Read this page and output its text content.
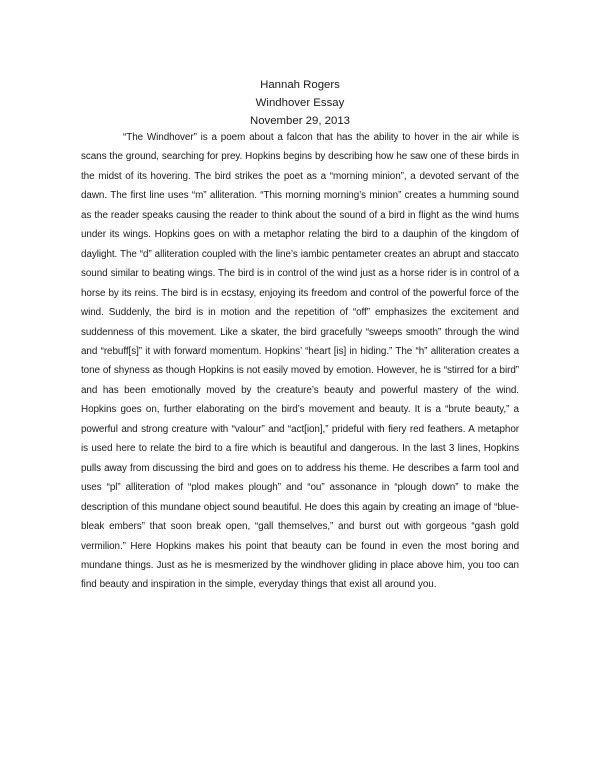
Hannah Rogers
Windhover Essay
November 29, 2013

“The Windhover” is a poem about a falcon that has the ability to hover in the air while is scans the ground, searching for prey. Hopkins begins by describing how he saw one of these birds in the midst of its hovering. The bird strikes the poet as a “morning minion”, a devoted servant of the dawn. The first line uses “m” alliteration. “This morning morning’s minion” creates a humming sound as the reader speaks causing the reader to think about the sound of a bird in flight as the wind hums under its wings. Hopkins goes on with a metaphor relating the bird to a dauphin of the kingdom of daylight. The “d” alliteration coupled with the line’s iambic pentameter creates an abrupt and staccato sound similar to beating wings. The bird is in control of the wind just as a horse rider is in control of a horse by its reins. The bird is in ecstasy, enjoying its freedom and control of the powerful force of the wind. Suddenly, the bird is in motion and the repetition of “off” emphasizes the excitement and suddenness of this movement. Like a skater, the bird gracefully “sweeps smooth” through the wind and “rebuff[s]” it with forward momentum. Hopkins’ “heart [is] in hiding.” The “h” alliteration creates a tone of shyness as though Hopkins is not easily moved by emotion. However, he is “stirred for a bird” and has been emotionally moved by the creature’s beauty and powerful mastery of the wind. Hopkins goes on, further elaborating on the bird’s movement and beauty. It is a “brute beauty,” a powerful and strong creature with “valour” and “act[ion],” prideful with fiery red feathers. A metaphor is used here to relate the bird to a fire which is beautiful and dangerous. In the last 3 lines, Hopkins pulls away from discussing the bird and goes on to address his theme. He describes a farm tool and uses “pl” alliteration of “plod makes plough” and “ou” assonance in “plough down” to make the description of this mundane object sound beautiful. He does this again by creating an image of “blue-bleak embers” that soon break open, “gall themselves,” and burst out with gorgeous “gash gold vermilion.” Here Hopkins makes his point that beauty can be found in even the most boring and mundane things. Just as he is mesmerized by the windhover gliding in place above him, you too can find beauty and inspiration in the simple, everyday things that exist all around you.
